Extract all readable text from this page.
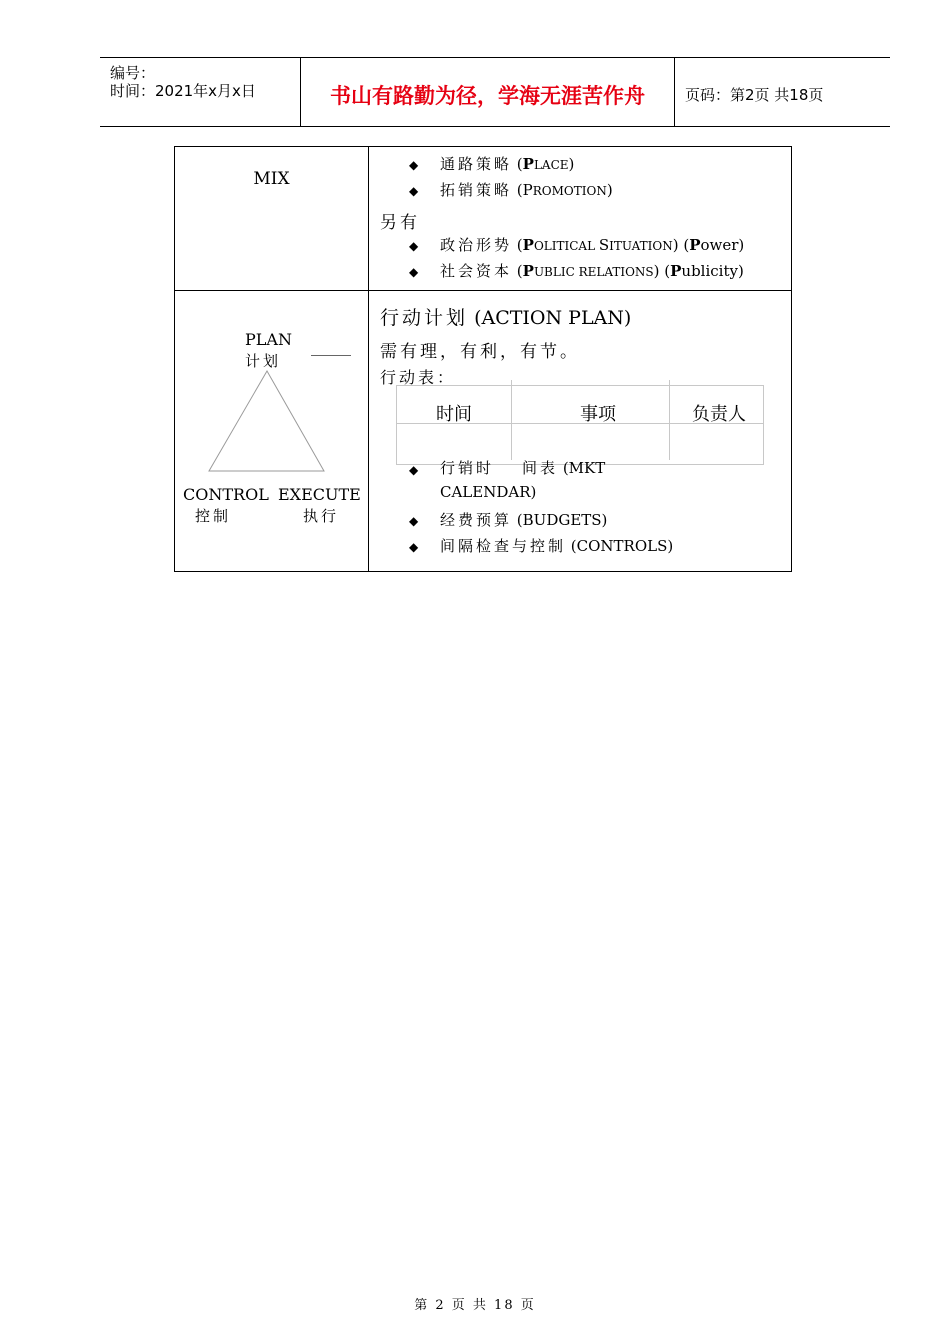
编号：
时间：2021年x月x日	书山有路勤为径，学海无涯苦作舟	页码：第2页 共18页
MIX
◆ 通路策略 (PLACE)
◆ 拓销策略 (PROMOTION)
另有
◆ 政治形势 (POLITICAL SITUATION) (Power)
◆ 社会资本 (PUBLIC RELATIONS) (Publicity)
PLAN
计划
_____
CONTROL
控制
EXECUTE
执行
行动计划 (ACTION PLAN)
需有理，有利，有节。
行动表：
时间	事项	负责人
◆ 行销时 间表 (MKT
CALENDAR)
◆ 经费预算 (BUDGETS)
◆ 间隔检查与控制 (CONTROLS)
第 2 页 共 18 页
